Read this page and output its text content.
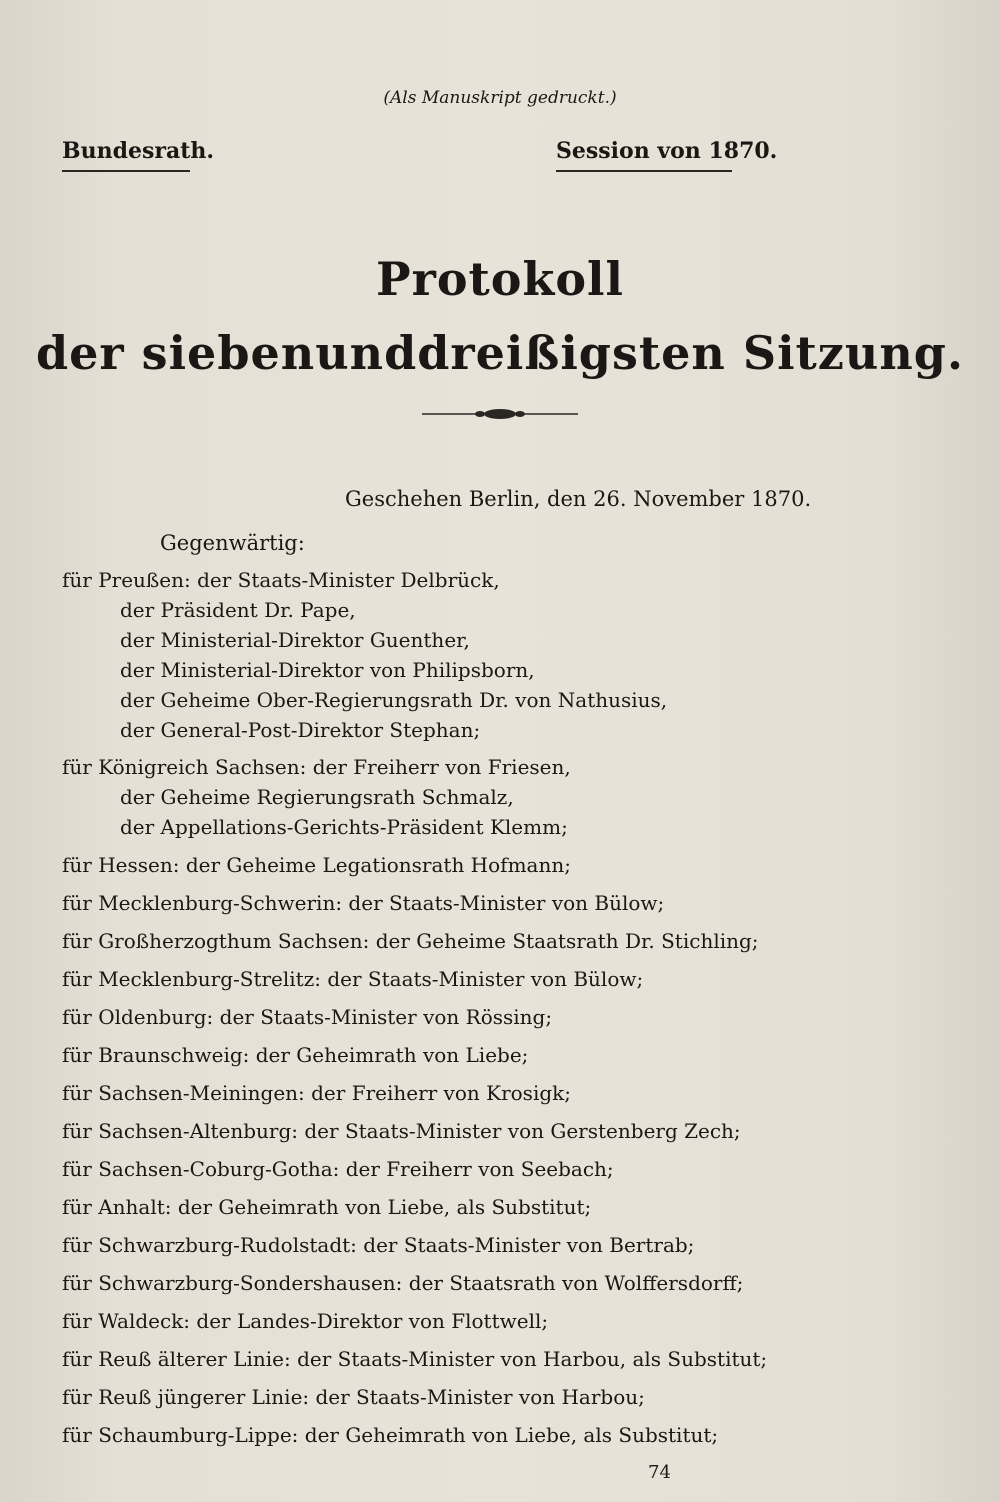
(Als Manuskript gedruckt.)
Bundesrath.	Session von 1870.
Protokoll
der siebenunddreißigsten Sitzung.
Geschehen Berlin, den 26. November 1870.
Gegenwärtig:
für Preußen: der Staats-Minister Delbrück,
der Präsident Dr. Pape,
der Ministerial-Direktor Guenther,
der Ministerial-Direktor von Philipsborn,
der Geheime Ober-Regierungsrath Dr. von Nathusius,
der General-Post-Direktor Stephan;
für Königreich Sachsen: der Freiherr von Friesen,
der Geheime Regierungsrath Schmalz,
der Appellations-Gerichts-Präsident Klemm;
für Hessen: der Geheime Legationsrath Hofmann;
für Mecklenburg-Schwerin: der Staats-Minister von Bülow;
für Großherzogthum Sachsen: der Geheime Staatsrath Dr. Stichling;
für Mecklenburg-Strelitz: der Staats-Minister von Bülow;
für Oldenburg: der Staats-Minister von Rössing;
für Braunschweig: der Geheimrath von Liebe;
für Sachsen-Meiningen: der Freiherr von Krosigk;
für Sachsen-Altenburg: der Staats-Minister von Gerstenberg Zech;
für Sachsen-Coburg-Gotha: der Freiherr von Seebach;
für Anhalt: der Geheimrath von Liebe, als Substitut;
für Schwarzburg-Rudolstadt: der Staats-Minister von Bertrab;
für Schwarzburg-Sondershausen: der Staatsrath von Wolffersdorff;
für Waldeck: der Landes-Direktor von Flottwell;
für Reuß älterer Linie: der Staats-Minister von Harbou, als Substitut;
für Reuß jüngerer Linie: der Staats-Minister von Harbou;
für Schaumburg-Lippe: der Geheimrath von Liebe, als Substitut;
74
